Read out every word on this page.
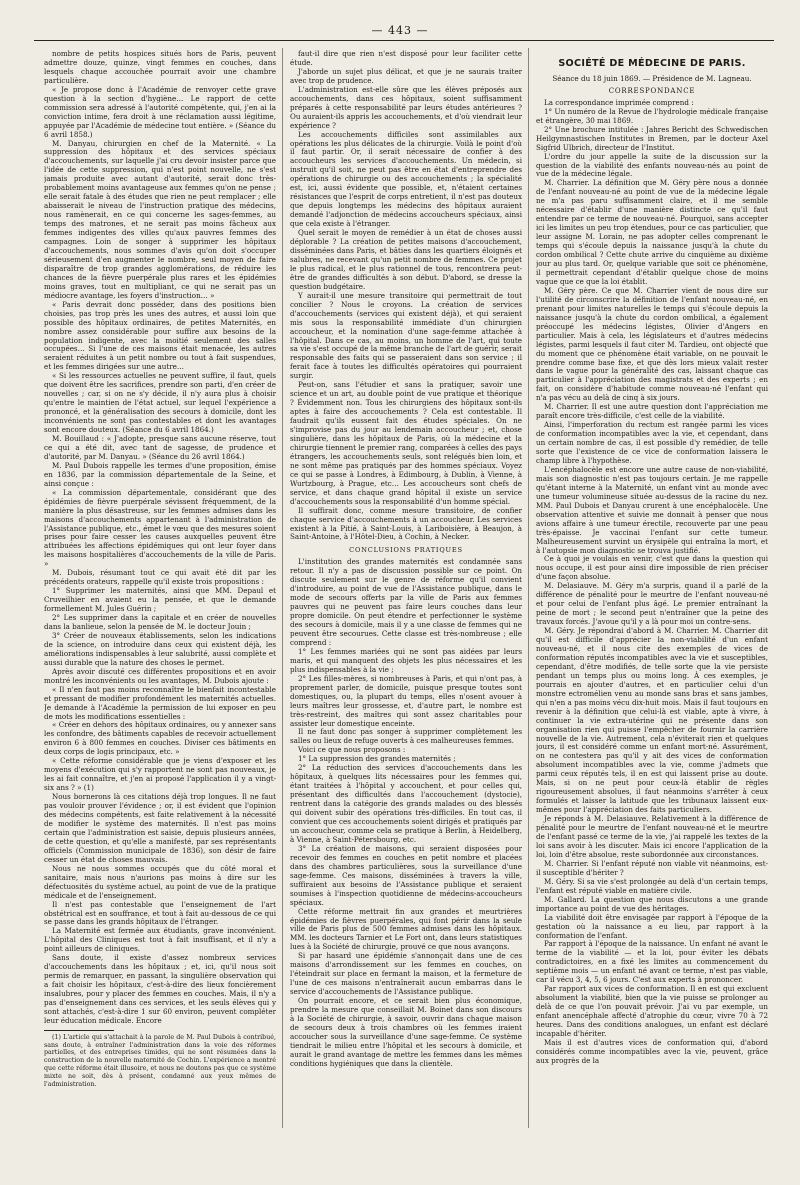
— 443 —

nombre de petits hospices situés hors de Paris, peuvent admettre douze, quinze, vingt femmes en couches, dans lesquels chaque accouchée pourrait avoir une chambre particulière.

« Je propose donc à l'Académie de renvoyer cette grave question à la section d'hygiène… Le rapport de cette commission sera adressé à l'autorité compétente, qui, j'en ai la conviction intime, fera droit à une réclamation aussi légitime, appuyée par l'Académie de médecine tout entière. » (Séance du 6 avril 1858.)

M. Danyau, chirurgien en chef de la Maternité. « La suppression des hôpitaux et des services spéciaux d'accouchements, sur laquelle j'ai cru devoir insister parce que l'idée de cette suppression, qui n'est point nouvelle, ne s'est jamais produite avec autant d'autorité, serait donc très-probablement moins avantageuse aux femmes qu'on ne pense ; elle serait fatale à des études que rien ne peut remplacer ; elle abaisserait le niveau de l'instruction pratique des médecins, nous ramènerait, en ce qui concerne les sages-femmes, au temps des matrones, et ne serait pas moins fâcheux aux femmes indigentes des villes qu'aux pauvres femmes des campagnes. Loin de songer à supprimer les hôpitaux d'accouchements, nous sommes d'avis qu'on doit s'occuper sérieusement d'en augmenter le nombre, seul moyen de faire disparaître de trop grandes agglomérations, de réduire les chances de la fièvre puerpérale plus rares et les épidémies moins graves, tout en multipliant, ce qui ne serait pas un médiocre avantage, les foyers d'instruction… »

« Paris devrait donc posséder, dans des positions bien choisies, pas trop près les unes des autres, et aussi loin que possible des hôpitaux ordinaires, de petites Maternités, en nombre assez considérable pour suffire aux besoins de la population indigente, avec la moitié seulement des salles occupées… Si l'une de ces maisons était menacée, les autres seraient réduites à un petit nombre ou tout à fait suspendues, et les femmes dirigées sur une autre…

« Si les ressources actuelles ne peuvent suffire, il faut, quels que doivent être les sacrifices, prendre son parti, d'en créer de nouvelles ; car, si on ne s'y décide, il n'y aura plus à choisir qu'entre le maintien de l'état actuel, sur lequel l'expérience a prononcé, et la généralisation des secours à domicile, dont les inconvénients ne sont pas contestables et dont les avantages sont encore douteux. (Séance du 6 avril 1864.)

M. Bouillaud : « J'adopte, presque sans aucune réserve, tout ce qui a été dit, avec tant de sagesse, de prudence et d'autorité, par M. Danyau. » (Séance du 26 avril 1864.)

M. Paul Dubois rappelle les termes d'une proposition, émise en 1836, par la commission départementale de la Seine, et ainsi conçue :

« La commission départementale, considérant que des épidémies de fièvre puerpérale sévissent fréquemment, de la manière la plus désastreuse, sur les femmes admises dans les maisons d'accouchements appartenant à l'administration de l'Assistance publique, etc., émet le vœu que des mesures soient prises pour faire cesser les causes auxquelles peuvent être attribuées les affections épidémiques qui ont leur foyer dans les maisons hospitalières d'accouchements de la ville de Paris. »

M. Dubois, résumant tout ce qui avait été dit par les précédents orateurs, rappelle qu'il existe trois propositions :

1° Supprimer les maternités, ainsi que MM. Depaul et Cruveilhier en avaient eu la pensée, et que le demande formellement M. Jules Guérin ;

2° Les supprimer dans la capitale et en créer de nouvelles dans la banlieue, selon la pensée de M. le docteur Jouin ;

3° Créer de nouveaux établissements, selon les indications de la science, on introduire dans ceux qui existent déjà, les améliorations indispensables à leur salubrité, aussi complète et aussi durable que la nature des choses le permet.

Après avoir discuté ces différentes propositions et en avoir montré les inconvénients ou les avantages, M. Dubois ajoute :

« Il n'en faut pas moins reconnaître le bienfait incontestable et pressant de modifier profondément les maternités actuelles. Je demande à l'Académie la permission de lui exposer en peu de mots les modifications essentielles :

« Créer en dehors des hôpitaux ordinaires, ou y annexer sans les confondre, des bâtiments capables de recevoir actuellement environ 6 à 800 femmes en couches. Diviser ces bâtiments en deux corps de logis principaux, etc. »

« Cette réforme considérable que je viens d'exposer et les moyens d'exécution qui s'y rapportent ne sont pas nouveaux, je les ai fait connaître, et j'en ai proposé l'application il y a vingt-six ans ? » (1)

Nous bornerons là ces citations déjà trop longues. Il ne faut pas vouloir prouver l'évidence ; or, il est évident que l'opinion des médecins compétents, est faite relativement à la nécessité de modifier le système des maternités. Il n'est pas moins certain que l'administration est saisie, depuis plusieurs années, de cette question, et qu'elle a manifesté, par ses représentants officiels (Commission municipale de 1836), son désir de faire cesser un état de choses mauvais.

Nous ne nous sommes occupés que du côté moral et sanitaire, mais nous n'aurions pas moins à dire sur les défectuosités du système actuel, au point de vue de la pratique médicale et de l'enseignement.

Il n'est pas contestable que l'enseignement de l'art obstétrical est en souffrance, et tout à fait au-dessous de ce qui se passe dans les grands hôpitaux de l'étranger.

La Maternité est fermée aux étudiants, grave inconvénient. L'hôpital des Cliniques est tout à fait insuffisant, et il n'y a point ailleurs de cliniques.

Sans doute, il existe d'assez nombreux services d'accouchements dans les hôpitaux ; et, ici, qu'il nous soit permis de remarquer, en passant, la singulière observation qui a fait choisir les hôpitaux, c'est-à-dire des lieux foncièrement insalubres, pour y placer des femmes en couches. Mais, il n'y a pas d'enseignement dans ces services, et les seuls élèves qui y sont attachés, c'est-à-dire 1 sur 60 environ, peuvent compléter leur éducation médicale. Encore

(1) L'article qui s'attachait à la parole de M. Paul Dubois à contribué, sans doute, à entraîner l'administration dans la voie des réformes partielles, et des entreprises timides, qui ne sont résumées dans la construction de la nouvelle maternité de Cochin. L'expérience a montré que cette réforme était illusoire, et nous ne doutons pas que ce système mixte ne soit, dès à présent, condamné aux yeux mêmes de l'administration.

faut-il dire que rien n'est disposé pour leur faciliter cette étude.

J'aborde un sujet plus délicat, et que je ne saurais traiter avec trop de prudence.

L'administration est-elle sûre que les élèves préposés aux accouchements, dans ces hôpitaux, soient suffisamment préparés à cette responsabilité par leurs études antérieures ? Ou auraient-ils appris les accouchements, et d'où viendrait leur expérience ?

Les accouchements difficiles sont assimilables aux opérations les plus délicates de la chirurgie. Voilà le point d'où il faut partir. Or, il serait nécessaire de confier à des accoucheurs les services d'accouchements. Un médecin, si instruit qu'il soit, ne peut pas être en état d'entreprendre des opérations de chirurgie ou des accouchements ; la spécialité est, ici, aussi évidente que possible, et, n'étaient certaines résistances que l'esprit de corps entretient, il n'est pas douteux que depuis longtemps les médecins des hôpitaux auraient demandé l'adjonction de médecins accoucheurs spéciaux, ainsi que cela existe à l'étranger.

Quel serait le moyen de remédier à un état de choses aussi déplorable ? La création de petites maisons d'accouchement, disséminées dans Paris, et bâties dans les quartiers éloignés et salubres, ne recevant qu'un petit nombre de femmes. Ce projet le plus radical, et le plus rationnel de tous, rencontrera peut-être de grandes difficultés à son début. D'abord, se dresse la question budgétaire.

Y aurait-il une mesure transitoire qui permettrait de tout concilier ? Nous le croyons. La création de services d'accouchements (services qui existent déjà), et qui seraient mis sous la responsabilité immédiate d'un chirurgien accoucheur, et la nomination d'une sage-femme attachée à l'hôpital. Dans ce cas, au moins, un homme de l'art, qui toute sa vie s'est occupé de la même branche de l'art de guérir, serait responsable des faits qui se passeraient dans son service ; il ferait face à toutes les difficultés opératoires qui pourraient surgir.

Peut-on, sans l'étudier et sans la pratiquer, savoir une science et un art, au double point de vue pratique et théorique ? Évidemment non. Tous les chirurgiens des hôpitaux sont-ils aptes à faire des accouchements ? Cela est contestable. Il faudrait qu'ils eussent fait des études spéciales. On ne s'improvise pas du jour au lendemain accoucheur ; et, chose singulière, dans les hôpitaux de Paris, où la médecine et la chirurgie tiennent le premier rang, comparées à celles des pays étrangers, les accouchements seuls, sont relégués bien loin, et ne sont même pas pratiqués par des hommes spéciaux. Voyez ce qui se passe à Londres, à Edimbourg, à Dublin, à Vienne, à Wurtzbourg, à Prague, etc… Les accoucheurs sont chefs de service, et dans chaque grand hôpital il existe un service d'accouchements sous la responsabilité d'un homme spécial.

Il suffirait donc, comme mesure transitoire, de confier chaque service d'accouchements à un accoucheur. Les services existent à la Pitié, à Saint-Louis, à Lariboisière, à Beaujon, à Saint-Antoine, à l'Hôtel-Dieu, à Cochin, à Necker.

CONCLUSIONS PRATIQUES

L'institution des grandes maternités est condamnée sans retour. Il n'y a pas de discussion possible sur ce point. On discute seulement sur le genre de réforme qu'il convient d'introduire, au point de vue de l'Assistance publique, dans le mode de secours offerts par la ville de Paris aux femmes pauvres qui ne peuvent pas faire leurs couches dans leur propre domicile. On peut étendre et perfectionner le système des secours à domicile, mais il y a une classe de femmes qui ne peuvent être secourues. Cette classe est très-nombreuse ; elle comprend :

1° Les femmes mariées qui ne sont pas aidées par leurs maris, et qui manquent des objets les plus nécessaires et les plus indispensables à la vie ;

2° Les filles-mères, si nombreuses à Paris, et qui n'ont pas, à proprement parler, de domicile, puisque presque toutes sont domestiques, ou, la plupart du temps, elles n'osent avouer à leurs maîtres leur grossesse, et, d'autre part, le nombre est très-restreint, des maîtres qui sont assez charitables pour assister leur domestique enceinte.

Il ne faut donc pas songer à supprimer complètement les salles ou lieux de refuge ouverts à ces malheureuses femmes.

Voici ce que nous proposons :

1° La suppression des grandes maternités ;

2° La réduction des services d'accouchements dans les hôpitaux, à quelques lits nécessaires pour les femmes qui, étant traitées à l'hôpital y accouchent, et pour celles qui, présentant des difficultés dans l'accouchement (dystocie), rentrent dans la catégorie des grands malades ou des blessés qui doivent subir des opérations très-difficiles. En tout cas, il convient que ces accouchements soient dirigés et pratiqués par un accoucheur, comme cela se pratique à Berlin, à Heidelberg, à Vienne, à Saint-Pétersbourg, etc.

3° La création de maisons, qui seraient disposées pour recevoir des femmes en couches en petit nombre et placées dans des chambres particulières, sous la surveillance d'une sage-femme. Ces maisons, disséminées à travers la ville, suffiraient aux besoins de l'Assistance publique et seraient soumises à l'inspection quotidienne de médecins-accoucheurs spéciaux.

Cette réforme mettrait fin aux grandes et meurtrières épidémies de fièvres puerpérales, qui font périr dans la seule ville de Paris plus de 500 femmes admises dans les hôpitaux. MM. les docteurs Tarnier et Le Fort ont, dans leurs statistiques lues à la Société de chirurgie, prouvé ce que nous avançons.

Si par hasard une épidémie s'annonçait dans une de ces maisons d'arrondissement sur les femmes en couches, on l'éteindrait sur place en fermant la maison, et la fermeture de l'une de ces maisons n'entraînerait aucun embarras dans le service d'accouchements de l'Assistance publique.

On pourrait encore, et ce serait bien plus économique, prendre la mesure que conseillait M. Boinet dans son discours à la Société de chirurgie, à savoir, ouvrir dans chaque maison de secours deux à trois chambres où les femmes iraient accoucher sous la surveillance d'une sage-femme. Ce système tiendrait le milieu entre l'hôpital et les secours à domicile, et aurait le grand avantage de mettre les femmes dans les mêmes conditions hygiéniques que dans la clientèle.

SOCIÉTÉ DE MÉDECINE DE PARIS.
Séance du 18 juin 1869. — Présidence de M. Lagneau.
CORRESPONDANCE

La correspondance imprimée comprend :

1° Un numéro de la Revue de l'hydrologie médicale française et étrangère, 30 mai 1869.

2° Une brochure intitulée : Jahres Bericht des Schwedischen Heilgymnastischen Institutes in Bremen, par le docteur Axel Sigfrid Ulbrich, directeur de l'Institut.

L'ordre du jour appelle la suite de la discussion sur la question de la viabilité des enfants nouveau-nés au point de vue de la médecine légale.

M. Charrier. La définition que M. Géry père nous a donnée de l'enfant nouveau-né au point de vue de la médecine légale ne m'a pas paru suffisamment claire, et il me semble nécessaire d'établir d'une manière distincte ce qu'il faut entendre par ce terme de nouveau-né. Pourquoi, sans accepter ici les limites un peu trop étendues, pour ce cas particulier, que leur assigne M. Lorain, ne pas adopter celles comprenant le temps qui s'écoule depuis la naissance jusqu'à la chute du cordon ombilical ? Cette chute arrive du cinquième au dixième jour au plus tard. Or, quelque variable que soit ce phénomène, il permettrait cependant d'établir quelque chose de moins vague que ce que la loi établit.

M. Géry père. Ce que M. Charrier vient de nous dire sur l'utilité de circonscrire la définition de l'enfant nouveau-né, en prenant pour limites naturelles le temps qui s'écoule depuis la naissance jusqu'à la chute du cordon ombilical, a également préoccupé les médecins légistes, Olivier d'Angers en particulier. Mais à cela, les législateurs et d'autres médecins légistes, parmi lesquels il faut citer M. Tardieu, ont objecté que du moment que ce phénomène était variable, on ne pouvait le prendre comme base fixe, et que dès lors mieux valait rester dans le vague pour la généralité des cas, laissant chaque cas particulier à l'appréciation des magistrats et des experts ; en fait, on considère d'habitude comme nouveau-né l'enfant qui n'a pas vécu au delà de cinq à six jours.

M. Charrier. Il est une autre question dont l'appréciation me paraît encore très-difficile, c'est celle de la viabilité.

Ainsi, l'imperforation du rectum est rangée parmi les vices de conformation incompatibles avec la vie, et cependant, dans un certain nombre de cas, il est possible d'y remédier, de telle sorte que l'existence de ce vice de conformation laissera le champ libre à l'hypothèse.

L'encéphalocèle est encore une autre cause de non-viabilité, mais son diagnostic n'est pas toujours certain. Je me rappelle qu'étant interne à la Maternité, un enfant vint au monde avec une tumeur volumineuse située au-dessus de la racine du nez. MM. Paul Dubois et Danyau crurent à une encéphalocèle. Une observation attentive et suivie me donnait à penser que nous avions affaire à une tumeur érectile, recouverte par une peau très-épaisse. Je vaccinai l'enfant sur cette tumeur. Malheureusement survint un érysipèle qui entraîna la mort, et à l'autopsie mon diagnostic se trouva justifié.

Ce à quoi je voulais en venir, c'est que dans la question qui nous occupe, il est pour ainsi dire impossible de rien préciser d'une façon absolue.

M. Delasiauve. M. Géry m'a surpris, quand il a parlé de la différence de pénalité pour le meurtre de l'enfant nouveau-né et pour celui de l'enfant plus âgé. Le premier entraînant la peine de mort ; le second peut n'entraîner que la peine des travaux forcés. J'avoue qu'il y a là pour moi un contre-sens.

M. Géry. Je répondrai d'abord à M. Charrier. M. Charrier dit qu'il est difficile d'apprécier la non-viabilité d'un enfant nouveau-né, et il nous cite des exemples de vices de conformation réputés incompatibles avec la vie et susceptibles, cependant, d'être modifiés, de telle sorte que la vie persiste pendant un temps plus ou moins long. À ces exemples, je pourrais en ajouter d'autres, et en particulier celui d'un monstre ectromélien venu au monde sans bras et sans jambes, qui n'en a pas moins vécu dix-huit mois. Mais il faut toujours en revenir à la définition que celui-là est viable, apte à vivre, à continuer la vie extra-utérine qui ne présente dans son organisation rien qui puisse l'empêcher de fournir la carrière nouvelle de la vie. Autrement, cela n'éviterait rien et quelques jours, il est considéré comme un enfant mort-né. Assurément, on ne contestera pas qu'il y ait des vices de conformation absolument incompatibles avec la vie, comme j'admets que parmi ceux réputés tels, il en est qui laissent prise au doute. Mais, si on ne peut pour ceux-là établir de règles rigoureusement absolues, il faut néanmoins s'arrêter à ceux formulés et laisser la latitude que les tribunaux laissent eux-mêmes pour l'appréciation des faits particuliers.

Je réponds à M. Delasiauve. Relativement à la différence de pénalité pour le meurtre de l'enfant nouveau-né et le meurtre de l'enfant passé ce terme de la vie, j'ai rappelé les textes de la loi sans avoir à les discuter. Mais ici encore l'application de la loi, loin d'être absolue, reste subordonnée aux circonstances.

M. Charrier. Si l'enfant réputé non viable vit néanmoins, est-il susceptible d'hériter ?

M. Géry. Si sa vie s'est prolongée au delà d'un certain temps, l'enfant est réputé viable en matière civile.

M. Gallard. La question que nous discutons a une grande importance au point de vue des héritages.

La viabilité doit être envisagée par rapport à l'époque de la gestation où la naissance a eu lieu, par rapport à la conformation de l'enfant.

Par rapport à l'époque de la naissance. Un enfant né avant le terme de la viabilité — et la loi, pour éviter les débats contradictoires, en a fixé les limites au commencement du septième mois — un enfant né avant ce terme, n'est pas viable, car il vécu 3, 4, 5, 6 jours. C'est aux experts à prononcer.

Par rapport aux vices de conformation. Il en est qui excluent absolument la viabilité, bien que la vie puisse se prolonger au delà de ce que l'on pouvait prévoir. J'ai vu par exemple, un enfant anencéphale affecté d'atrophie du cœur, vivre 70 à 72 heures. Dans des conditions analogues, un enfant est déclaré incapable d'hériter.

Mais il est d'autres vices de conformation qui, d'abord considérés comme incompatibles avec la vie, peuvent, grâce aux progrès de la
